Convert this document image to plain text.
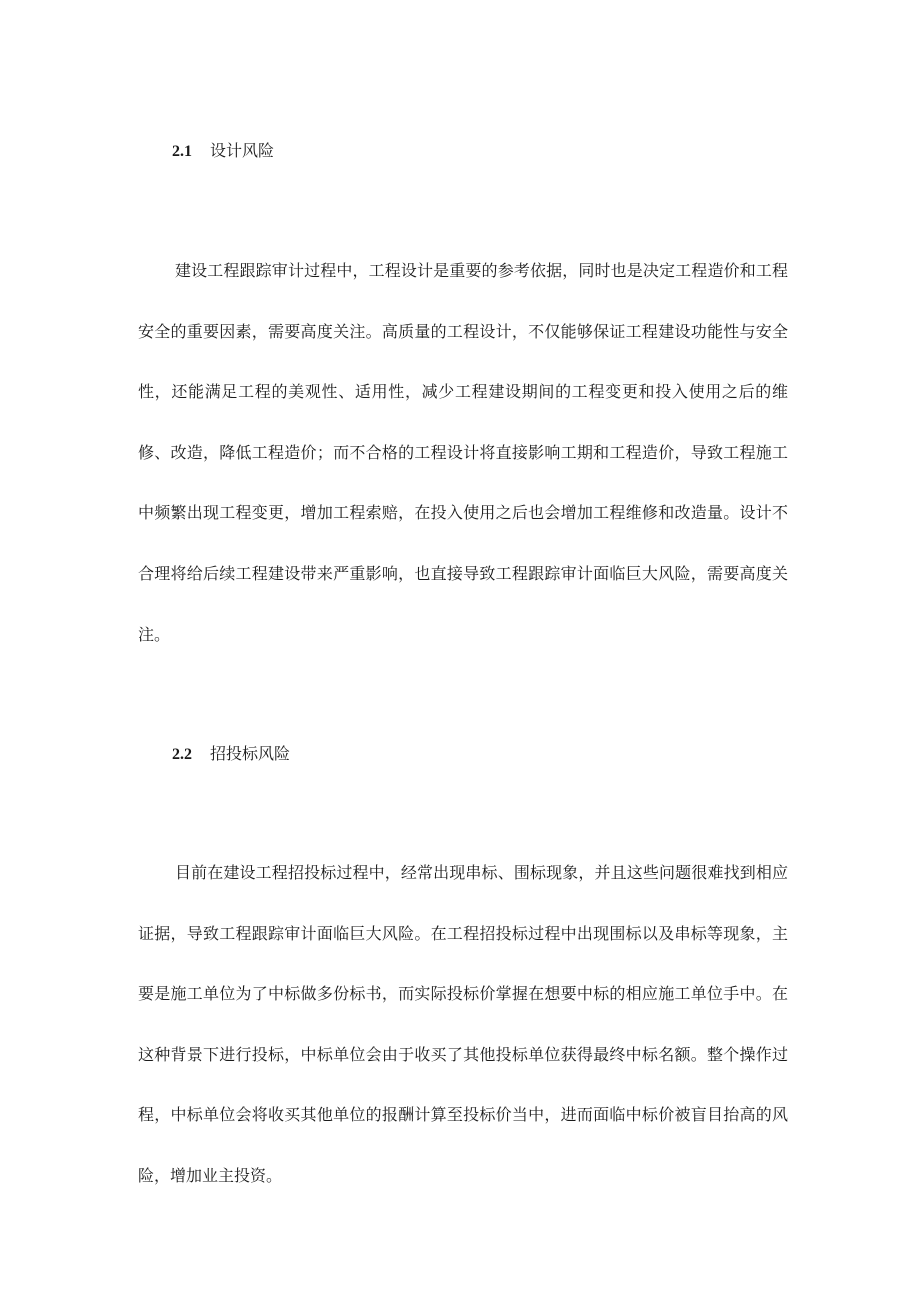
2.1 设计风险

建设工程跟踪审计过程中，工程设计是重要的参考依据，同时也是决定工程造价和工程安全的重要因素，需要高度关注。高质量的工程设计，不仅能够保证工程建设功能性与安全性，还能满足工程的美观性、适用性，减少工程建设期间的工程变更和投入使用之后的维修、改造，降低工程造价；而不合格的工程设计将直接影响工期和工程造价，导致工程施工中频繁出现工程变更，增加工程索赔，在投入使用之后也会增加工程维修和改造量。设计不合理将给后续工程建设带来严重影响，也直接导致工程跟踪审计面临巨大风险，需要高度关注。

2.2 招投标风险

目前在建设工程招投标过程中，经常出现串标、围标现象，并且这些问题很难找到相应证据，导致工程跟踪审计面临巨大风险。在工程招投标过程中出现围标以及串标等现象，主要是施工单位为了中标做多份标书，而实际投标价掌握在想要中标的相应施工单位手中。在这种背景下进行投标，中标单位会由于收买了其他投标单位获得最终中标名额。整个操作过程，中标单位会将收买其他单位的报酬计算至投标价当中，进而面临中标价被盲目抬高的风险，增加业主投资。
